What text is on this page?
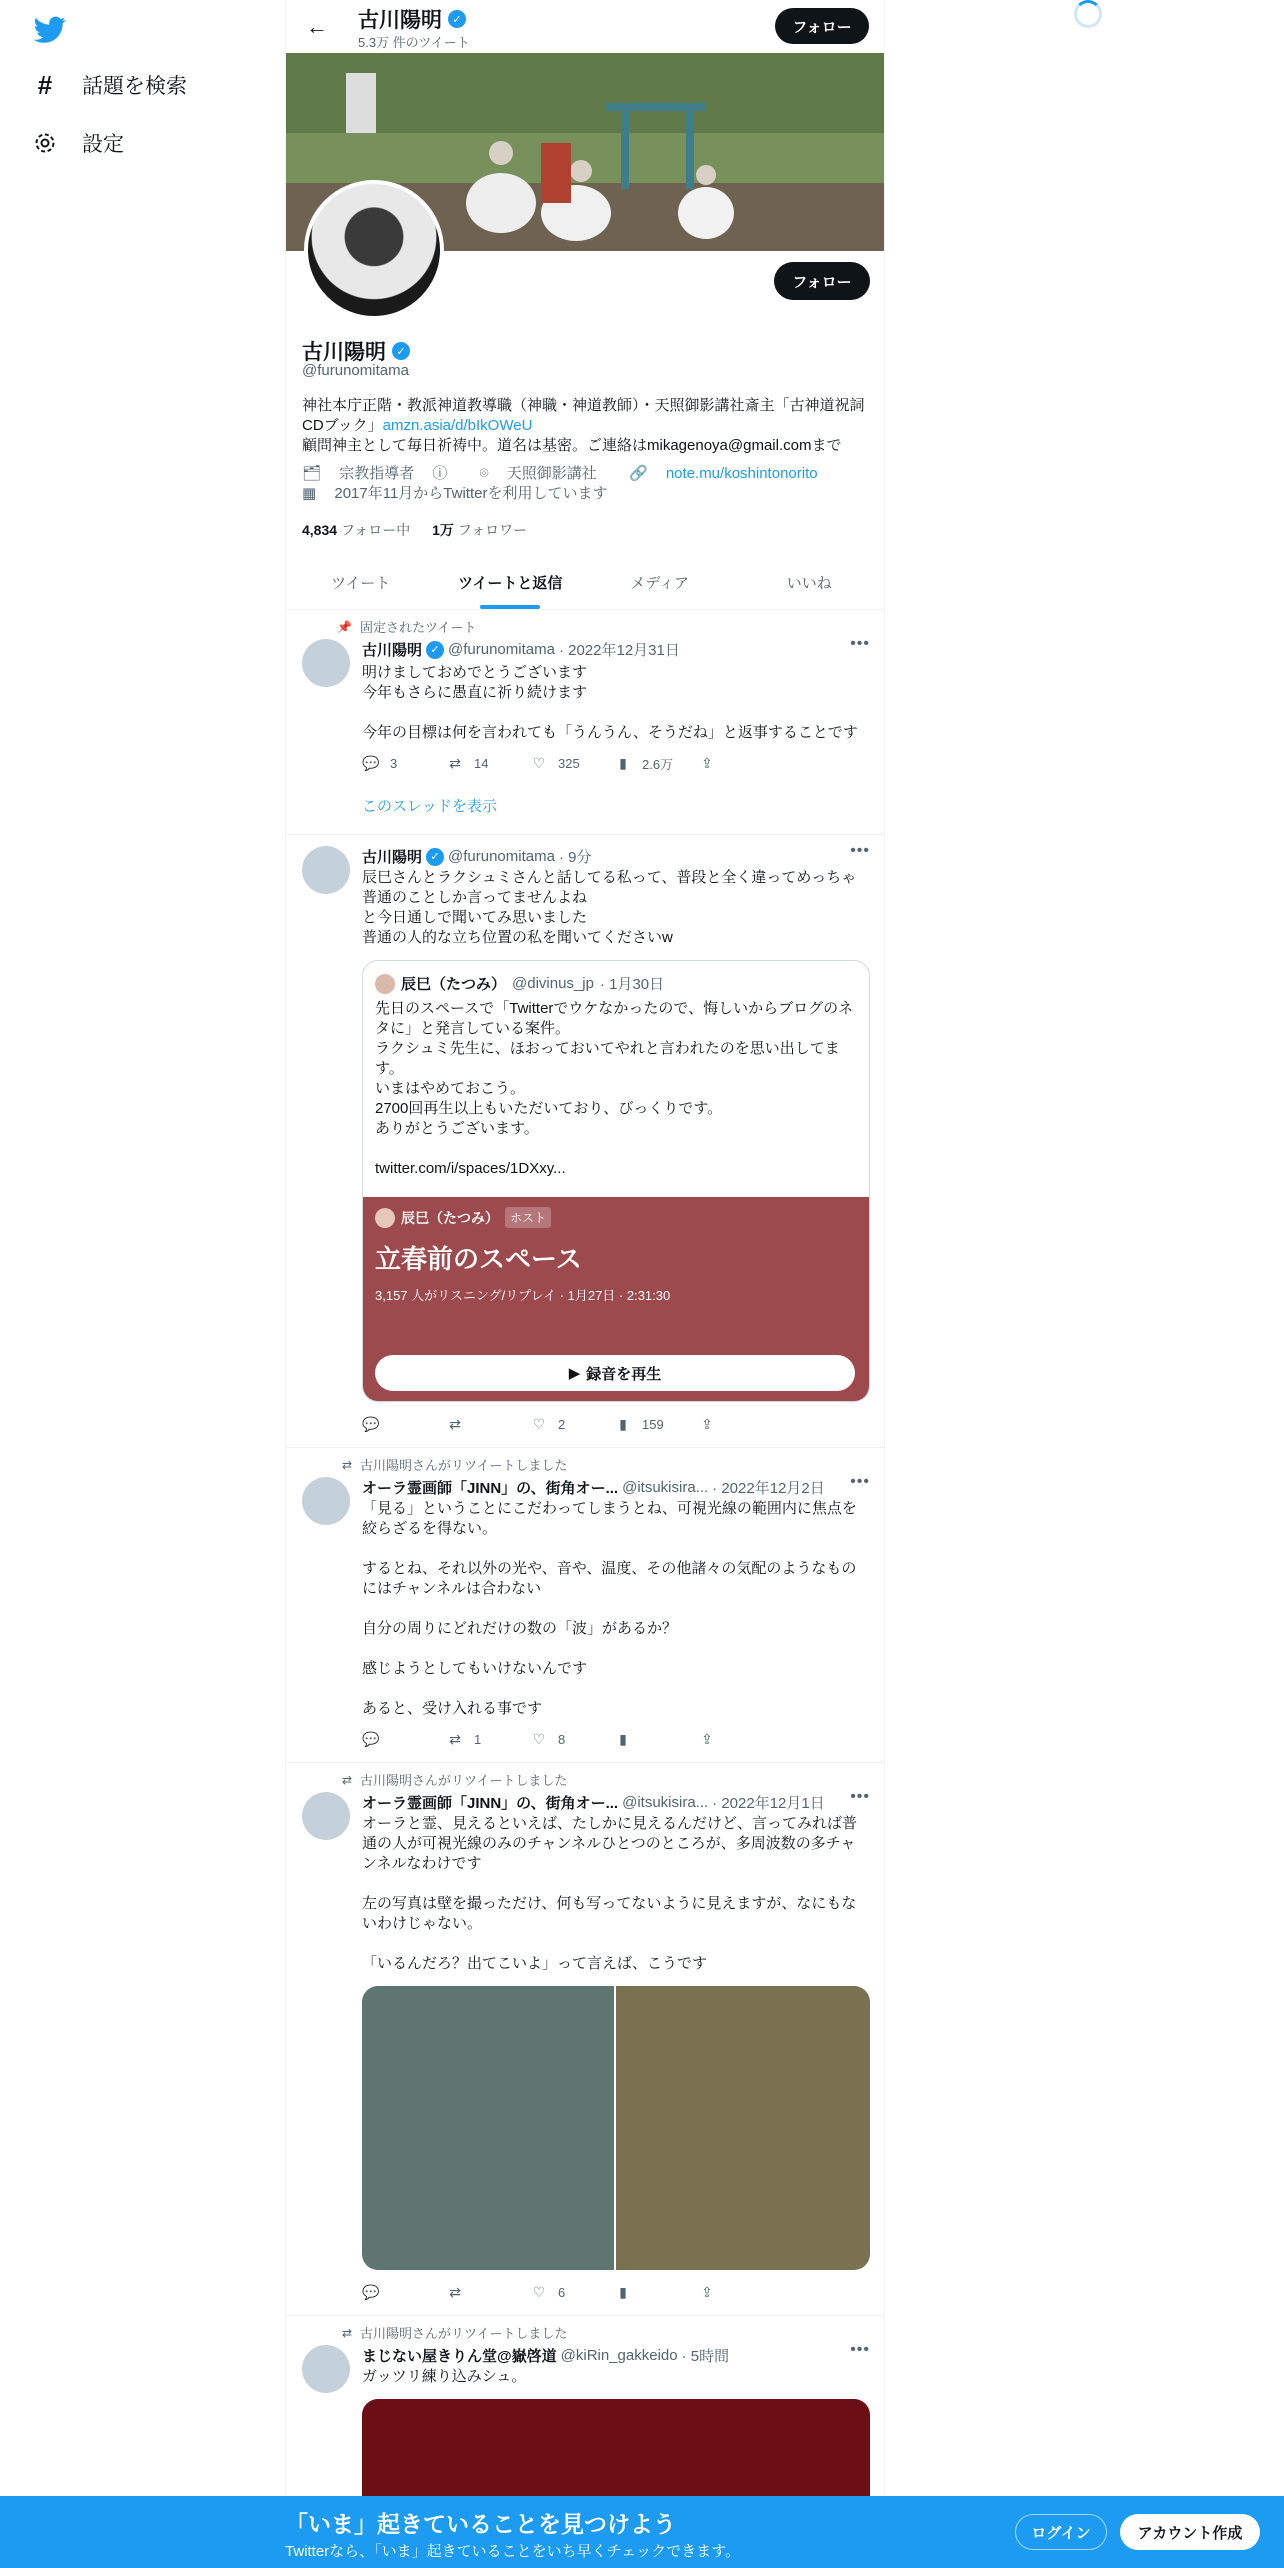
#	話題を検索
設定
← 古川陽明 ✓
5.3万 件のツイート
フォロー
フォロー
古川陽明 ✓
@furunomitama
神社本庁正階・教派神道教導職（神職・神道教師）・天照御影講社斎主「古神道祝詞CDブック」amzn.asia/d/bIkOWeU
顧問神主として毎日祈祷中。道名は基密。ご連絡はmikagenoya@gmail.comまで
🗂 宗教指導者 ⓘ ⌾ 天照御影講社 🔗 note.mu/koshintonorito
▦ 2017年11月からTwitterを利用しています
4,834 フォロー中 1万 フォロワー
ツイート	ツイートと返信	メディア	いいね
📌 固定されたツイート
古川陽明 ✓ @furunomitama · 2022年12月31日	•••
明けましておめでとうございます
今年もさらに愚直に祈り続けます

今年の目標は何を言われても「うんうん、そうだね」と返事することです
💬 3	⇄ 14	♡ 325	▮	2.6万 ⇪
このスレッドを表示
古川陽明 ✓ @furunomitama · 9分	•••
辰巳さんとラクシュミさんと話してる私って、普段と全く違ってめっちゃ普通のことしか言ってませんよね
と今日通しで聞いてみ思いました
普通の人的な立ち位置の私を聞いてくださいw
辰巳（たつみ） @divinus_jp · 1月30日
先日のスペースで「Twitterでウケなかったので、悔しいからブログのネタに」と発言している案件。
ラクシュミ先生に、ほおっておいてやれと言われたのを思い出してます。
いまはやめておこう。
2700回再生以上もいただいており、びっくりです。
ありがとうございます。

twitter.com/i/spaces/1DXxy...
辰巳（たつみ） ホスト
立春前のスペース
3,157 人がリスニング/リプレイ · 1月27日 · 2:31:30
▶ 録音を再生
💬	⇄	♡ 2	▮	159	⇪
⇄ 古川陽明さんがリツイートしました
オーラ霊画師「JINN」の、街角オー... @itsukisira... · 2022年12月2日 •••
「見る」ということにこだわってしまうとね、可視光線の範囲内に焦点を絞らざるを得ない。

するとね、それ以外の光や、音や、温度、その他諸々の気配のようなものにはチャンネルは合わない

自分の周りにどれだけの数の「波」があるか？

感じようとしてもいけないんです

あると、受け入れる事です
💬	⇄ 1	♡ 8	▮	⇪
⇄ 古川陽明さんがリツイートしました
オーラ霊画師「JINN」の、街角オー... @itsukisira... · 2022年12月1日 •••
オーラと霊、見えるといえば、たしかに見えるんだけど、言ってみれば普通の人が可視光線のみのチャンネルひとつのところが、多周波数の多チャンネルなわけです

左の写真は壁を撮っただけ、何も写ってないように見えますが、なにもないわけじゃない。

「いるんだろ？出てこいよ」って言えば、こうです
💬	⇄	♡ 6	▮	⇪
⇄ 古川陽明さんがリツイートしました
まじない屋きりん堂@嶽啓道 @kiRin_gakkeido · 5時間	•••
ガッツリ練り込みシュ。
「いま」起きていることを見つけよう
Twitterなら、「いま」起きていることをいち早くチェックできます。
ログイン	アカウント作成
